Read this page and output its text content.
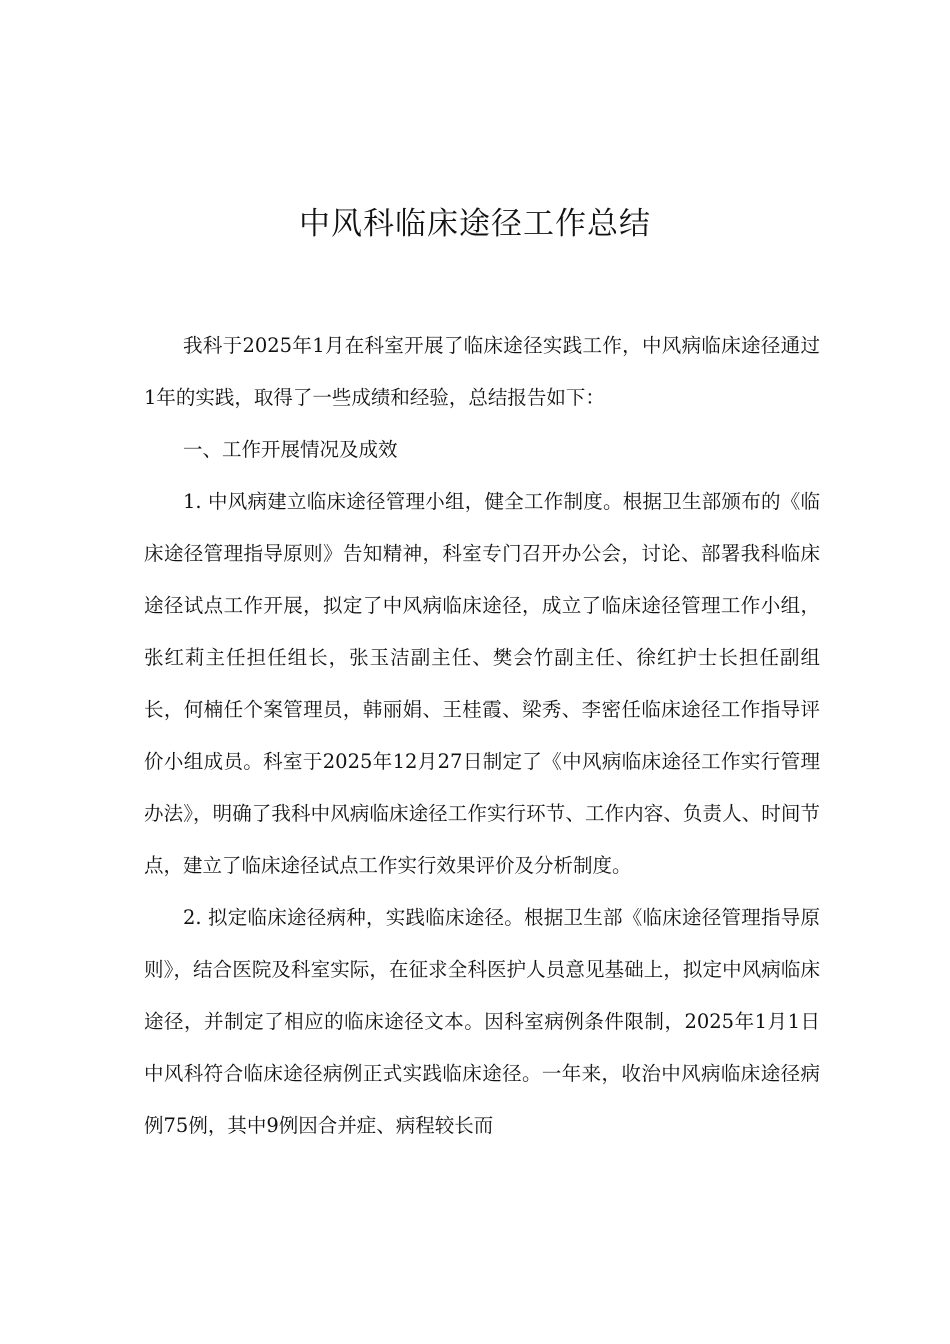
中风科临床途径工作总结

我科于2025年1月在科室开展了临床途径实践工作，中风病临床途径通过1年的实践，取得了一些成绩和经验，总结报告如下：

一、工作开展情况及成效

1. 中风病建立临床途径管理小组，健全工作制度。根据卫生部颁布的《临床途径管理指导原则》告知精神，科室专门召开办公会，讨论、部署我科临床途径试点工作开展，拟定了中风病临床途径，成立了临床途径管理工作小组，张红莉主任担任组长，张玉洁副主任、樊会竹副主任、徐红护士长担任副组长，何楠任个案管理员，韩丽娟、王桂霞、梁秀、李密任临床途径工作指导评价小组成员。科室于2025年12月27日制定了《中风病临床途径工作实行管理办法》，明确了我科中风病临床途径工作实行环节、工作内容、负责人、时间节点，建立了临床途径试点工作实行效果评价及分析制度。

2. 拟定临床途径病种，实践临床途径。根据卫生部《临床途径管理指导原则》，结合医院及科室实际，在征求全科医护人员意见基础上，拟定中风病临床途径，并制定了相应的临床途径文本。因科室病例条件限制，2025年1月1日中风科符合临床途径病例正式实践临床途径。一年来，收治中风病临床途径病例75例，其中9例因合并症、病程较长而
